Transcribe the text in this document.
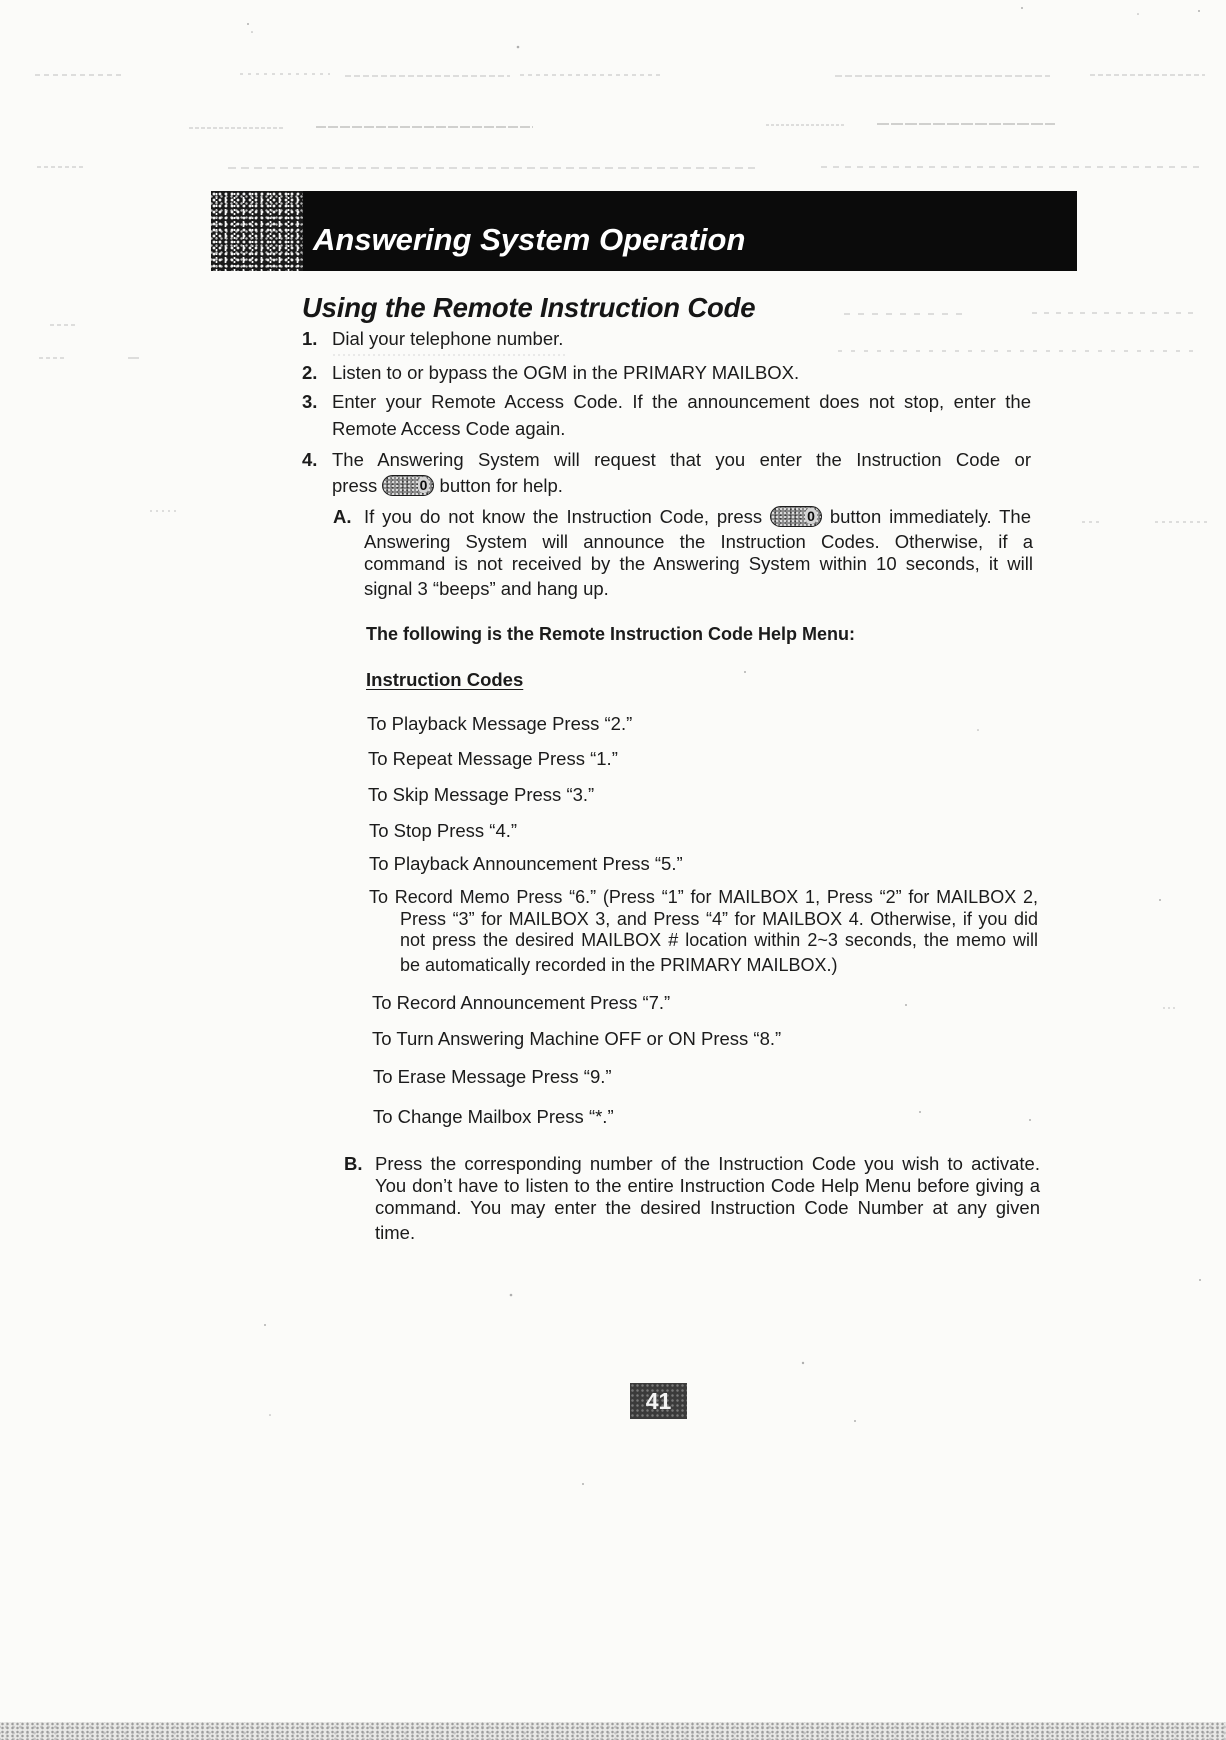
Answering System Operation
Using the Remote Instruction Code
1. Dial your telephone number.
2. Listen to or bypass the OGM in the PRIMARY MAILBOX.
3. Enter your Remote Access Code. If the announcement does not stop, enter the
Remote Access Code again.
4. The Answering System will request that you enter the Instruction Code or
press	0 button for help.
A. If you do not know the Instruction Code, press	0 button immediately. The
Answering System will announce the Instruction Codes. Otherwise, if a
command is not received by the Answering System within 10 seconds, it will
signal 3 “beeps” and hang up.
The following is the Remote Instruction Code Help Menu:
Instruction Codes
To Playback Message Press “2.”
To Repeat Message Press “1.”
To Skip Message Press “3.”
To Stop Press “4.”
To Playback Announcement Press “5.”
To Record Memo Press “6.” (Press “1” for MAILBOX 1, Press “2” for MAILBOX 2,
Press “3” for MAILBOX 3, and Press “4” for MAILBOX 4. Otherwise, if you did
not press the desired MAILBOX # location within 2~3 seconds, the memo will
be automatically recorded in the PRIMARY MAILBOX.)
To Record Announcement Press “7.”
To Turn Answering Machine OFF or ON Press “8.”
To Erase Message Press “9.”
To Change Mailbox Press “*.”
B. Press the corresponding number of the Instruction Code you wish to activate.
You don’t have to listen to the entire Instruction Code Help Menu before giving a
command. You may enter the desired Instruction Code Number at any given
time.
41
